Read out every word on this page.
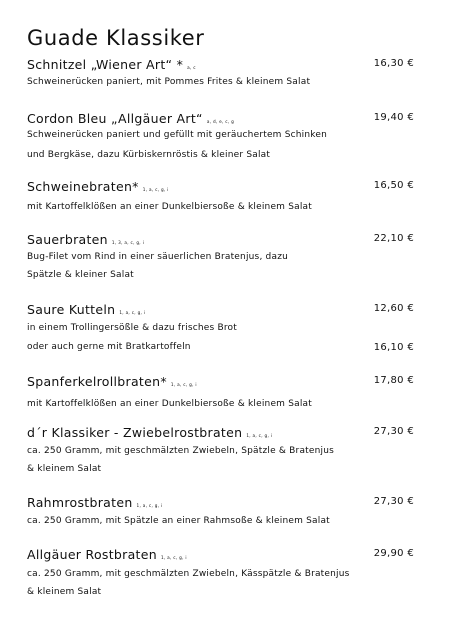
Guade Klassiker
Schnitzel „Wiener Art“ * a, c	16,30 €
Schweinerücken paniert, mit Pommes Frites & kleinem Salat
Cordon Bleu „Allgäuer Art“ a, d, e, c, g	19,40 €
Schweinerücken paniert und gefüllt mit geräuchertem Schinken
und Bergkäse, dazu Kürbiskernröstis & kleiner Salat
Schweinebraten* 1, a, c, g, i	16,50 €
mit Kartoffelklößen an einer Dunkelbiersoße & kleinem Salat
Sauerbraten 1, 3, a, c, g, i	22,10 €
Bug-Filet vom Rind in einer säuerlichen Bratenjus, dazu
Spätzle & kleiner Salat
Saure Kutteln 1, a, c, g, i	12,60 €
in einem Trollingersößle & dazu frisches Brot
oder auch gerne mit Bratkartoffeln	16,10 €
Spanferkelrollbraten* 1, a, c, g, i	17,80 €
mit Kartoffelklößen an einer Dunkelbiersoße & kleinem Salat
d´r Klassiker - Zwiebelrostbraten 1, a, c, g, i	27,30 €
ca. 250 Gramm, mit geschmälzten Zwiebeln, Spätzle & Bratenjus
& kleinem Salat
Rahmrostbraten 1, a, c, g, i	27,30 €
ca. 250 Gramm, mit Spätzle an einer Rahmsoße & kleinem Salat
Allgäuer Rostbraten 1, a, c, g, i	29,90 €
ca. 250 Gramm, mit geschmälzten Zwiebeln, Kässpätzle & Bratenjus
& kleinem Salat
